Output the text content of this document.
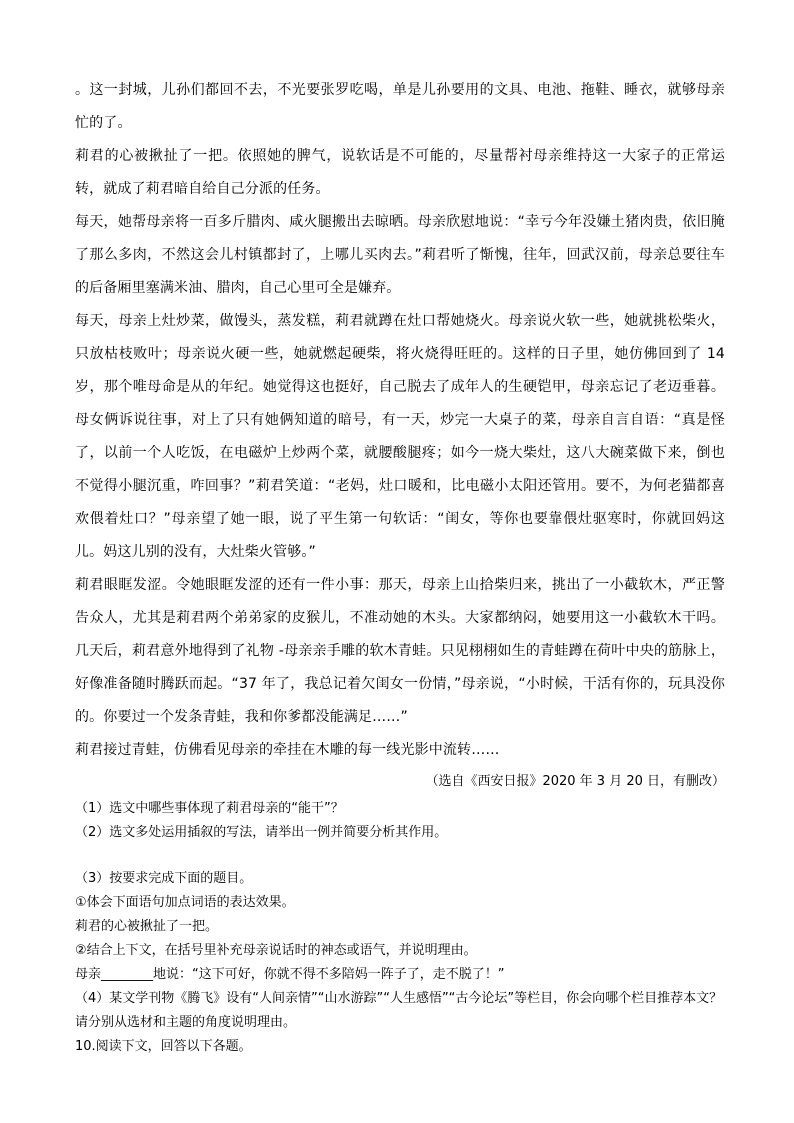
。这一封城，儿孙们都回不去，不光要张罗吃喝，单是儿孙要用的文具、电池、拖鞋、睡衣，就够母亲忙的了。

莉君的心被揪扯了一把。依照她的脾气，说软话是不可能的，尽量帮衬母亲维持这一大家子的正常运转，就成了莉君暗自给自己分派的任务。

每天，她帮母亲将一百多斤腊肉、咸火腿搬出去晾晒。母亲欣慰地说：“幸亏今年没嫌土猪肉贵，依旧腌了那么多肉，不然这会儿村镇都封了，上哪儿买肉去。”莉君听了惭愧，往年，回武汉前，母亲总要往车的后备厢里塞满米油、腊肉，自己心里可全是嫌弃。

每天，母亲上灶炒菜，做馒头，蒸发糕，莉君就蹲在灶口帮她烧火。母亲说火软一些，她就挑松柴火，只放枯枝败叶；母亲说火硬一些，她就燃起硬柴，将火烧得旺旺的。这样的日子里，她仿佛回到了 14 岁，那个唯母命是从的年纪。她觉得这也挺好，自己脱去了成年人的生硬铠甲，母亲忘记了老迈垂暮。母女俩诉说往事，对上了只有她俩知道的暗号，有一天，炒完一大桌子的菜，母亲自言自语：“真是怪了，以前一个人吃饭，在电磁炉上炒两个菜，就腰酸腿疼；如今一烧大柴灶，这八大碗菜做下来，倒也不觉得小腿沉重，咋回事？”莉君笑道：“老妈，灶口暖和，比电磁小太阳还管用。要不，为何老猫都喜欢偎着灶口？”母亲望了她一眼，说了平生第一句软话：“闺女，等你也要靠偎灶驱寒时，你就回妈这儿。妈这儿别的没有，大灶柴火管够。”

莉君眼眶发涩。令她眼眶发涩的还有一件小事：那天，母亲上山拾柴归来，挑出了一小截软木，严正警告众人，尤其是莉君两个弟弟家的皮猴儿，不准动她的木头。大家都纳闷，她要用这一小截软木干吗。几天后，莉君意外地得到了礼物 -母亲亲手雕的软木青蛙。只见栩栩如生的青蛙蹲在荷叶中央的筋脉上，好像准备随时腾跃而起。“37 年了，我总记着欠闺女一份情，”母亲说，“小时候，干活有你的，玩具没你的。你要过一个发条青蛙，我和你爹都没能满足……”

莉君接过青蛙，仿佛看见母亲的牵挂在木雕的每一线光影中流转……

（选自《西安日报》2020 年 3 月 20 日，有删改）

（1）选文中哪些事体现了莉君母亲的“能干”？

（2）选文多处运用插叙的写法，请举出一例并简要分析其作用。

（3）按要求完成下面的题目。

①体会下面语句加点词语的表达效果。

莉君的心被揪扯了一把。

②结合上下文，在括号里补充母亲说话时的神态或语气，并说明理由。

母亲________地说：“这下可好，你就不得不多陪妈一阵子了，走不脱了！”

（4）某文学刊物《腾飞》设有“人间亲情”“山水游踪”“人生感悟”“古今论坛”等栏目，你会向哪个栏目推荐本文？请分别从选材和主题的角度说明理由。

10.阅读下文，回答以下各题。
